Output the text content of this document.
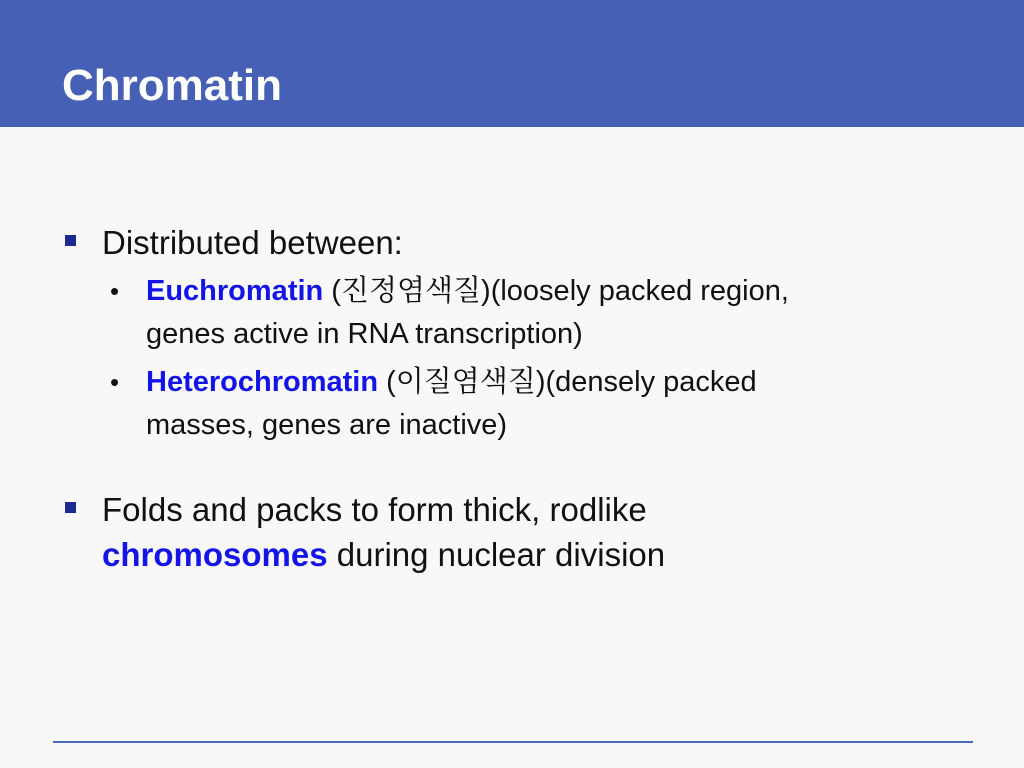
Chromatin
Distributed between:
• Euchromatin (진정염색질)(loosely packed region,
genes active in RNA transcription)
• Heterochromatin (이질염색질)(densely packed
masses, genes are inactive)
Folds and packs to form thick, rodlike
chromosomes during nuclear division
